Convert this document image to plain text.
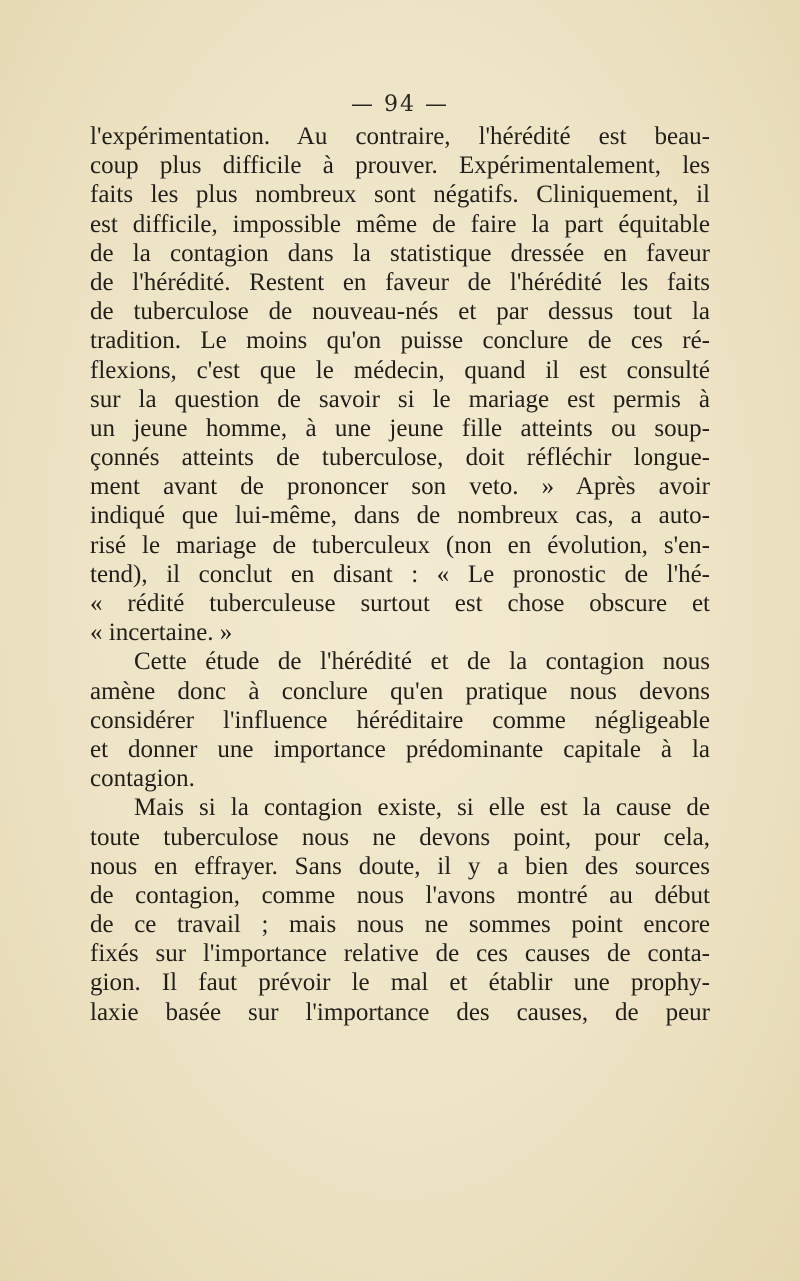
— 94 —
l'expérimentation. Au contraire, l'hérédité est beau-
coup plus difficile à prouver. Expérimentalement, les
faits les plus nombreux sont négatifs. Cliniquement, il
est difficile, impossible même de faire la part équitable
de la contagion dans la statistique dressée en faveur
de l'hérédité. Restent en faveur de l'hérédité les faits
de tuberculose de nouveau-nés et par dessus tout la
tradition. Le moins qu'on puisse conclure de ces ré-
flexions, c'est que le médecin, quand il est consulté
sur la question de savoir si le mariage est permis à
un jeune homme, à une jeune fille atteints ou soup-
çonnés atteints de tuberculose, doit réfléchir longue-
ment avant de prononcer son veto. » Après avoir
indiqué que lui-même, dans de nombreux cas, a auto-
risé le mariage de tuberculeux (non en évolution, s'en-
tend), il conclut en disant : « Le pronostic de l'hé-
« rédité tuberculeuse surtout est chose obscure et
« incertaine. »
Cette étude de l'hérédité et de la contagion nous
amène donc à conclure qu'en pratique nous devons
considérer l'influence héréditaire comme négligeable
et donner une importance prédominante capitale à la
contagion.
Mais si la contagion existe, si elle est la cause de
toute tuberculose nous ne devons point, pour cela,
nous en effrayer. Sans doute, il y a bien des sources
de contagion, comme nous l'avons montré au début
de ce travail ; mais nous ne sommes point encore
fixés sur l'importance relative de ces causes de conta-
gion. Il faut prévoir le mal et établir une prophy-
laxie basée sur l'importance des causes, de peur
